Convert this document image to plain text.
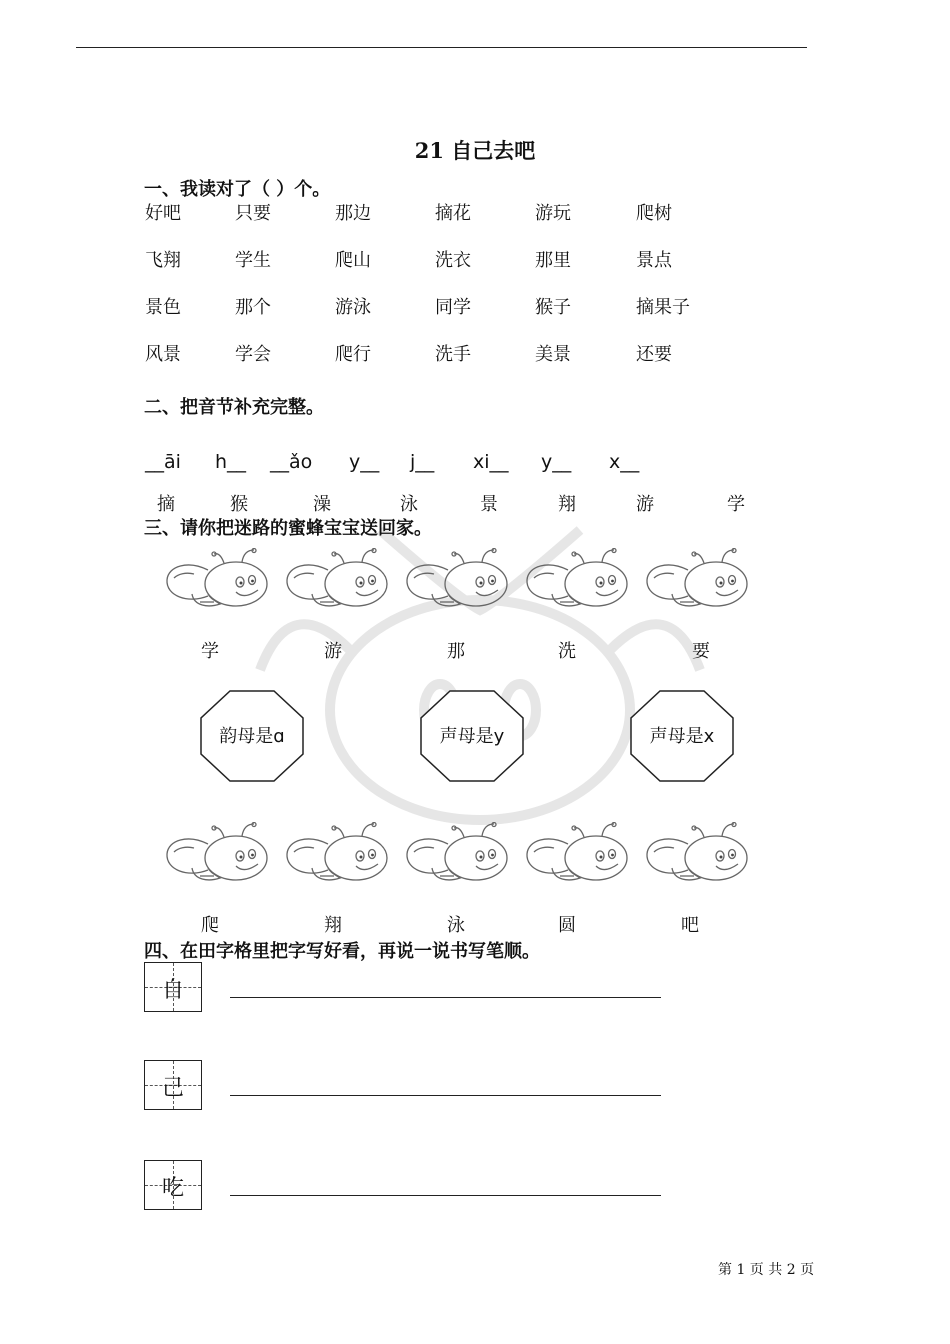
21 自己去吧
一、我读对了（ ）个。
好吧	只要	那边	摘花	游玩	爬树
飞翔	学生	爬山	洗衣	那里	景点
景色	那个	游泳	同学	猴子	摘果子
风景	学会	爬行	洗手	美景	还要
二、把音节补充完整。
__āi h__ __ǎo y__ j__ xi__ y__ x__
摘	猴	澡	泳	景	翔	游	学
三、请你把迷路的蜜蜂宝宝送回家。
学	游	那	洗	要
爬	翔	泳	圆	吧
韵母是ɑ	声母是y	声母是x
四、在田字格里把字写好看，再说一说书写笔顺。
自
己
吃
第 1 页 共 2 页
